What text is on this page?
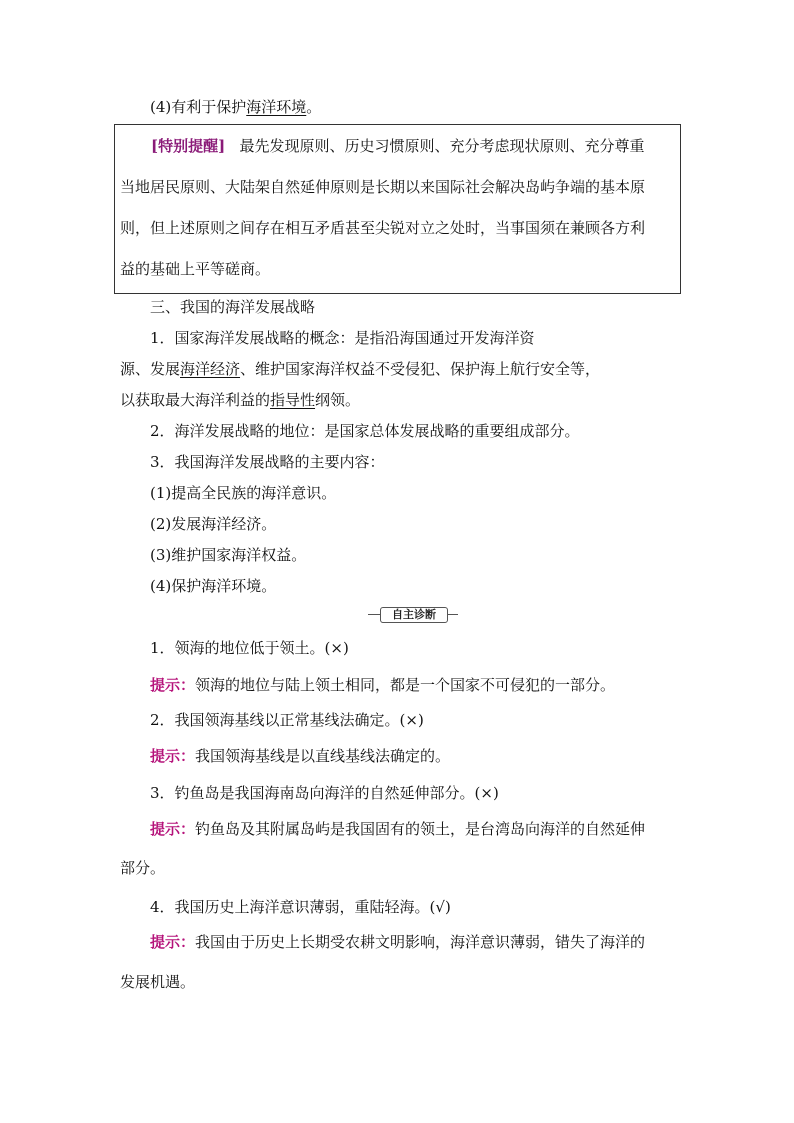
(4)有利于保护海洋环境。
[特别提醒] 最先发现原则、历史习惯原则、充分考虑现状原则、充分尊重
当地居民原则、大陆架自然延伸原则是长期以来国际社会解决岛屿争端的基本原
则，但上述原则之间存在相互矛盾甚至尖锐对立之处时，当事国须在兼顾各方利
益的基础上平等磋商。
三、我国的海洋发展战略
1．国家海洋发展战略的概念：是指沿海国通过开发海洋资
源、发展海洋经济、维护国家海洋权益不受侵犯、保护海上航行安全等，
以获取最大海洋利益的指导性纲领。
2．海洋发展战略的地位：是国家总体发展战略的重要组成部分。
3．我国海洋发展战略的主要内容：
(1)提高全民族的海洋意识。
(2)发展海洋经济。
(3)维护国家海洋权益。
(4)保护海洋环境。
自主诊断
1．领海的地位低于领土。(×)
提示：领海的地位与陆上领土相同，都是一个国家不可侵犯的一部分。
2．我国领海基线以正常基线法确定。(×)
提示：我国领海基线是以直线基线法确定的。
3．钓鱼岛是我国海南岛向海洋的自然延伸部分。(×)
提示：钓鱼岛及其附属岛屿是我国固有的领土，是台湾岛向海洋的自然延伸
部分。
4．我国历史上海洋意识薄弱，重陆轻海。(√)
提示：我国由于历史上长期受农耕文明影响，海洋意识薄弱，错失了海洋的
发展机遇。
